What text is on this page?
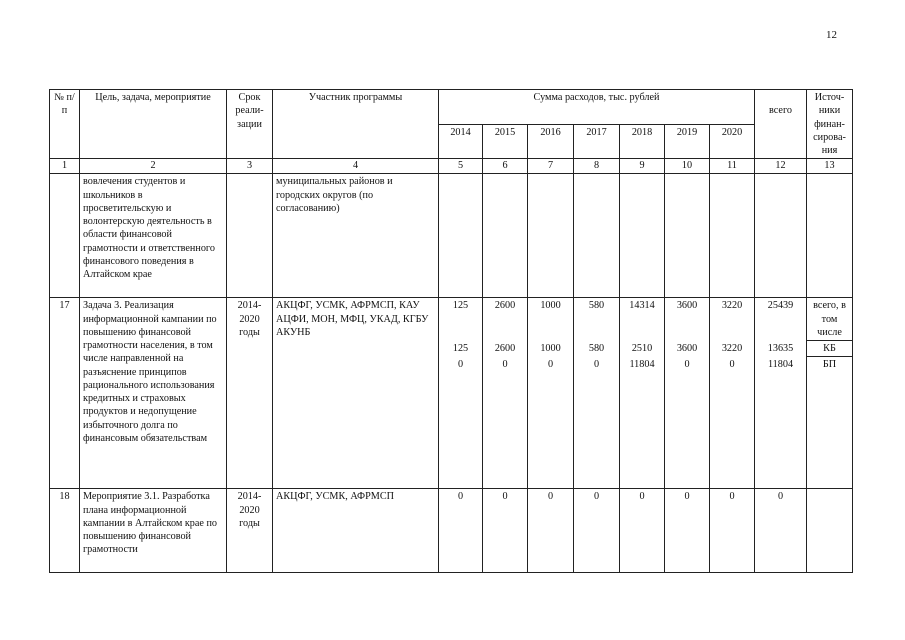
12
№ п/п	Цель, задача, мероприятие	Срок реали- зации	Участник программы	Сумма расходов, тыс. рублей							всего	Источ- ники финан- сирова- ния
				2014	2015	2016	2017	2018	2019	2020		
1	2	3	4	5	6	7	8	9	10	11	12	13
	вовлечения студентов и школьников в просветительскую и волонтерскую деятельность в области финансовой грамотности и ответственного финансового поведения в Алтайском крае		муниципальных районов и городских округов (по согласованию)									
17	Задача 3. Реализация информационной кампании по повышению финансовой грамотности населения, в том числе направленной на разъяснение принципов рационального использования кредитных и страховых продуктов и недопущение избыточного долга по финансовым обязательствам	2014- 2020 годы	АКЦФГ, УСМК, АФРМСП, КАУ АЦФИ, МОН, МФЦ, УКАД, КГБУ АКУНБ	125	2600	1000	580	14314	3600	3220	25439	всего, в том числе
				125	2600	1000	580	2510	3600	3220	13635	КБ
				0	0	0	0	11804	0	0	11804	БП
18	Мероприятие 3.1. Разработка плана информационной кампании в Алтайском крае по повышению финансовой грамотности	2014- 2020 годы	АКЦФГ, УСМК, АФРМСП	0	0	0	0	0	0	0	0	
